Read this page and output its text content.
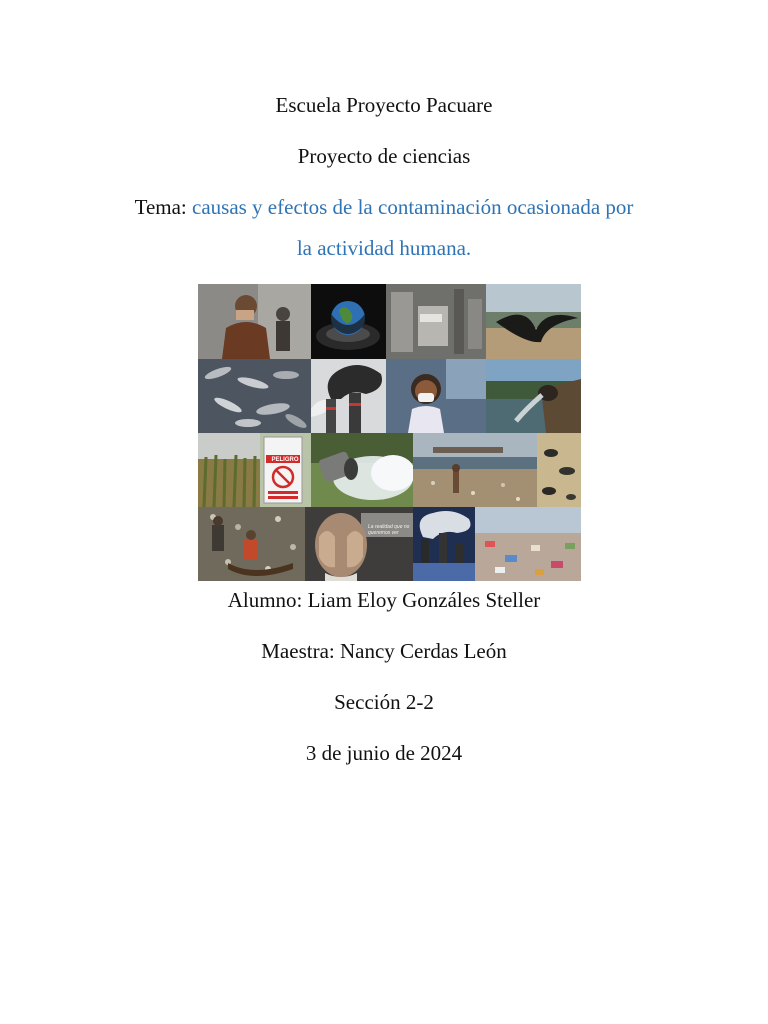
Escuela Proyecto Pacuare
Proyecto de ciencias
Tema: causas y efectos de la contaminación ocasionada por
la actividad humana.
PELIGRO
La realidad que no queremos ver
Alumno: Liam Eloy Gonzáles Steller
Maestra: Nancy Cerdas León
Sección 2-2
3 de junio de 2024
